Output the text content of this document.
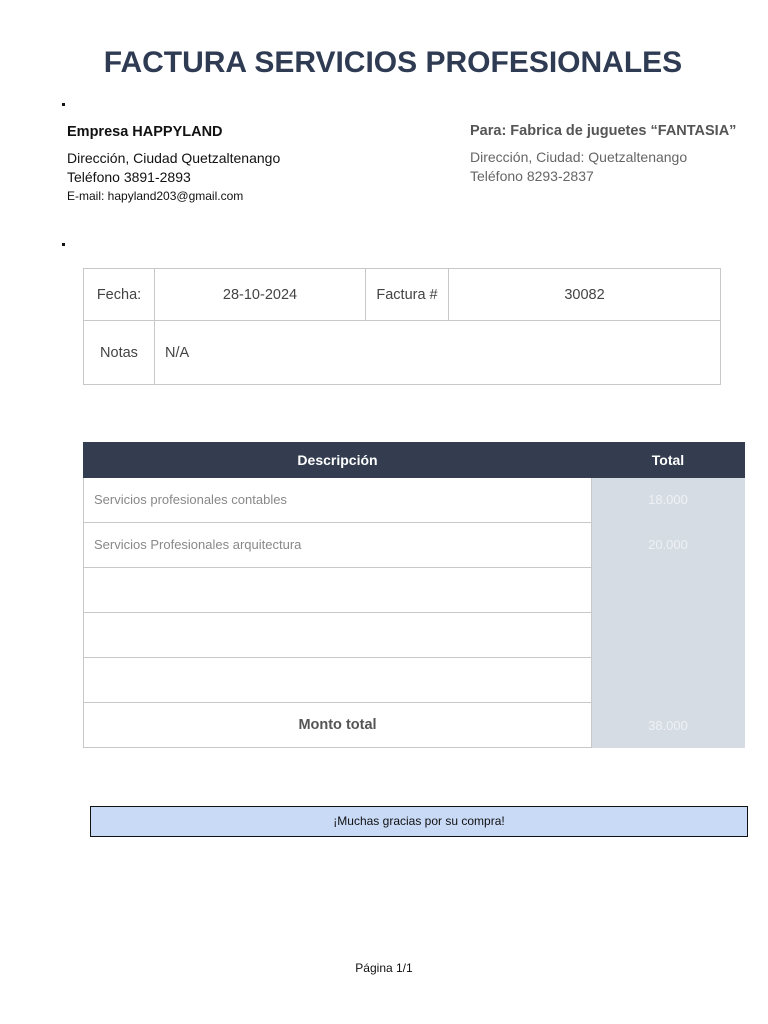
FACTURA SERVICIOS PROFESIONALES
Empresa HAPPYLAND
Dirección, Ciudad Quetzaltenango
Teléfono 3891-2893
E-mail: hapyland203@gmail.com
Para: Fabrica de juguetes “FANTASIA”
Dirección, Ciudad: Quetzaltenango
Teléfono 8293-2837
Fecha:	28-10-2024	Factura #	30082
Notas	N/A		
Descripción	Total
Servicios profesionales contables	18.000
Servicios Profesionales arquitectura	20.000

Monto total	38.000
¡Muchas gracias por su compra!
Página 1/1
